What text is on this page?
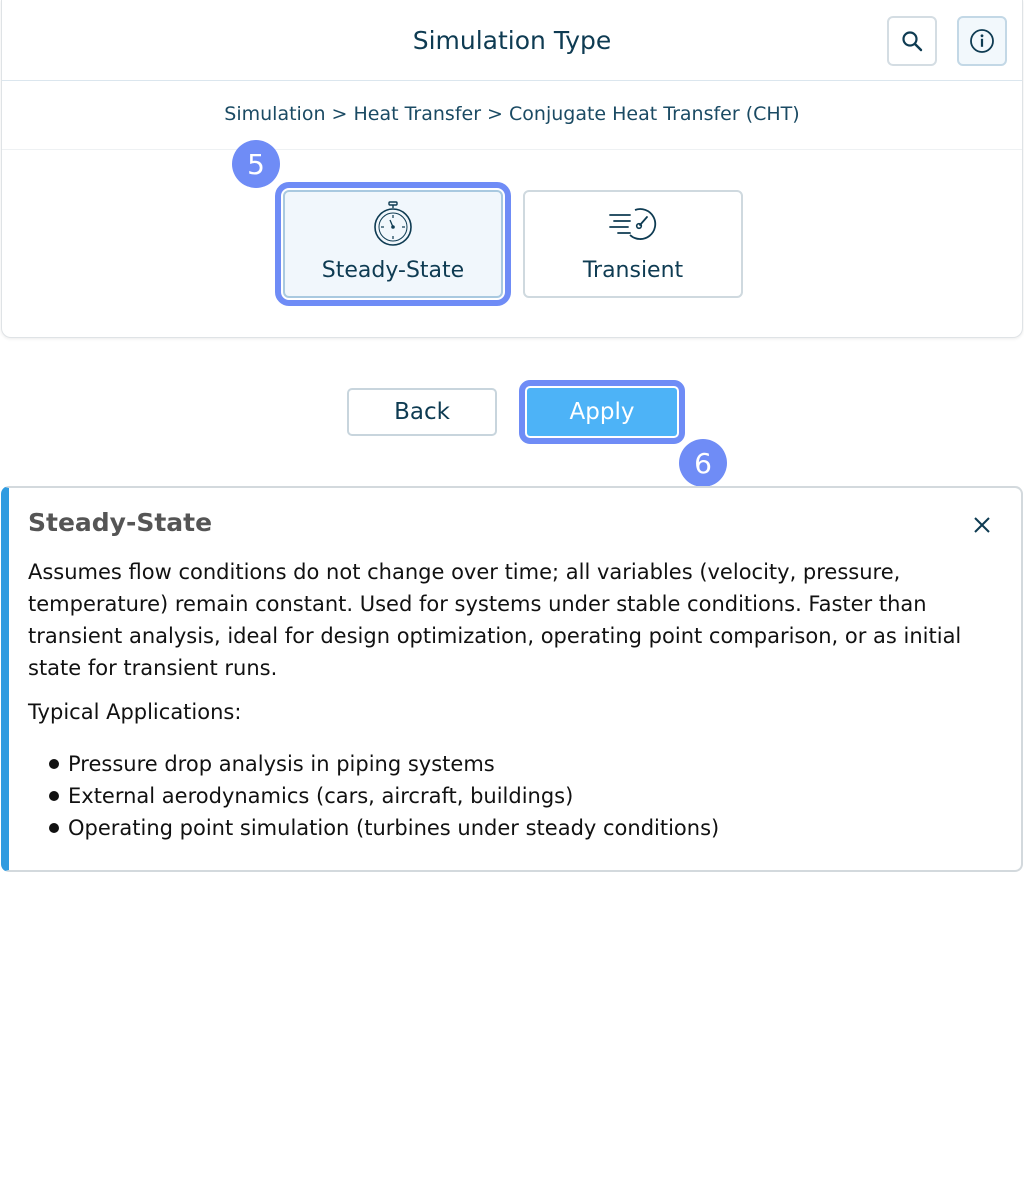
Simulation Type
Simulation > Heat Transfer > Conjugate Heat Transfer (CHT)
Steady-State	Transient
5
Back	Apply
6
Steady-State
Assumes flow conditions do not change over time; all variables (velocity, pressure, temperature) remain constant. Used for systems under stable conditions. Faster than transient analysis, ideal for design optimization, operating point comparison, or as initial state for transient runs.
Typical Applications:
Pressure drop analysis in piping systems
External aerodynamics (cars, aircraft, buildings)
Operating point simulation (turbines under steady conditions)
